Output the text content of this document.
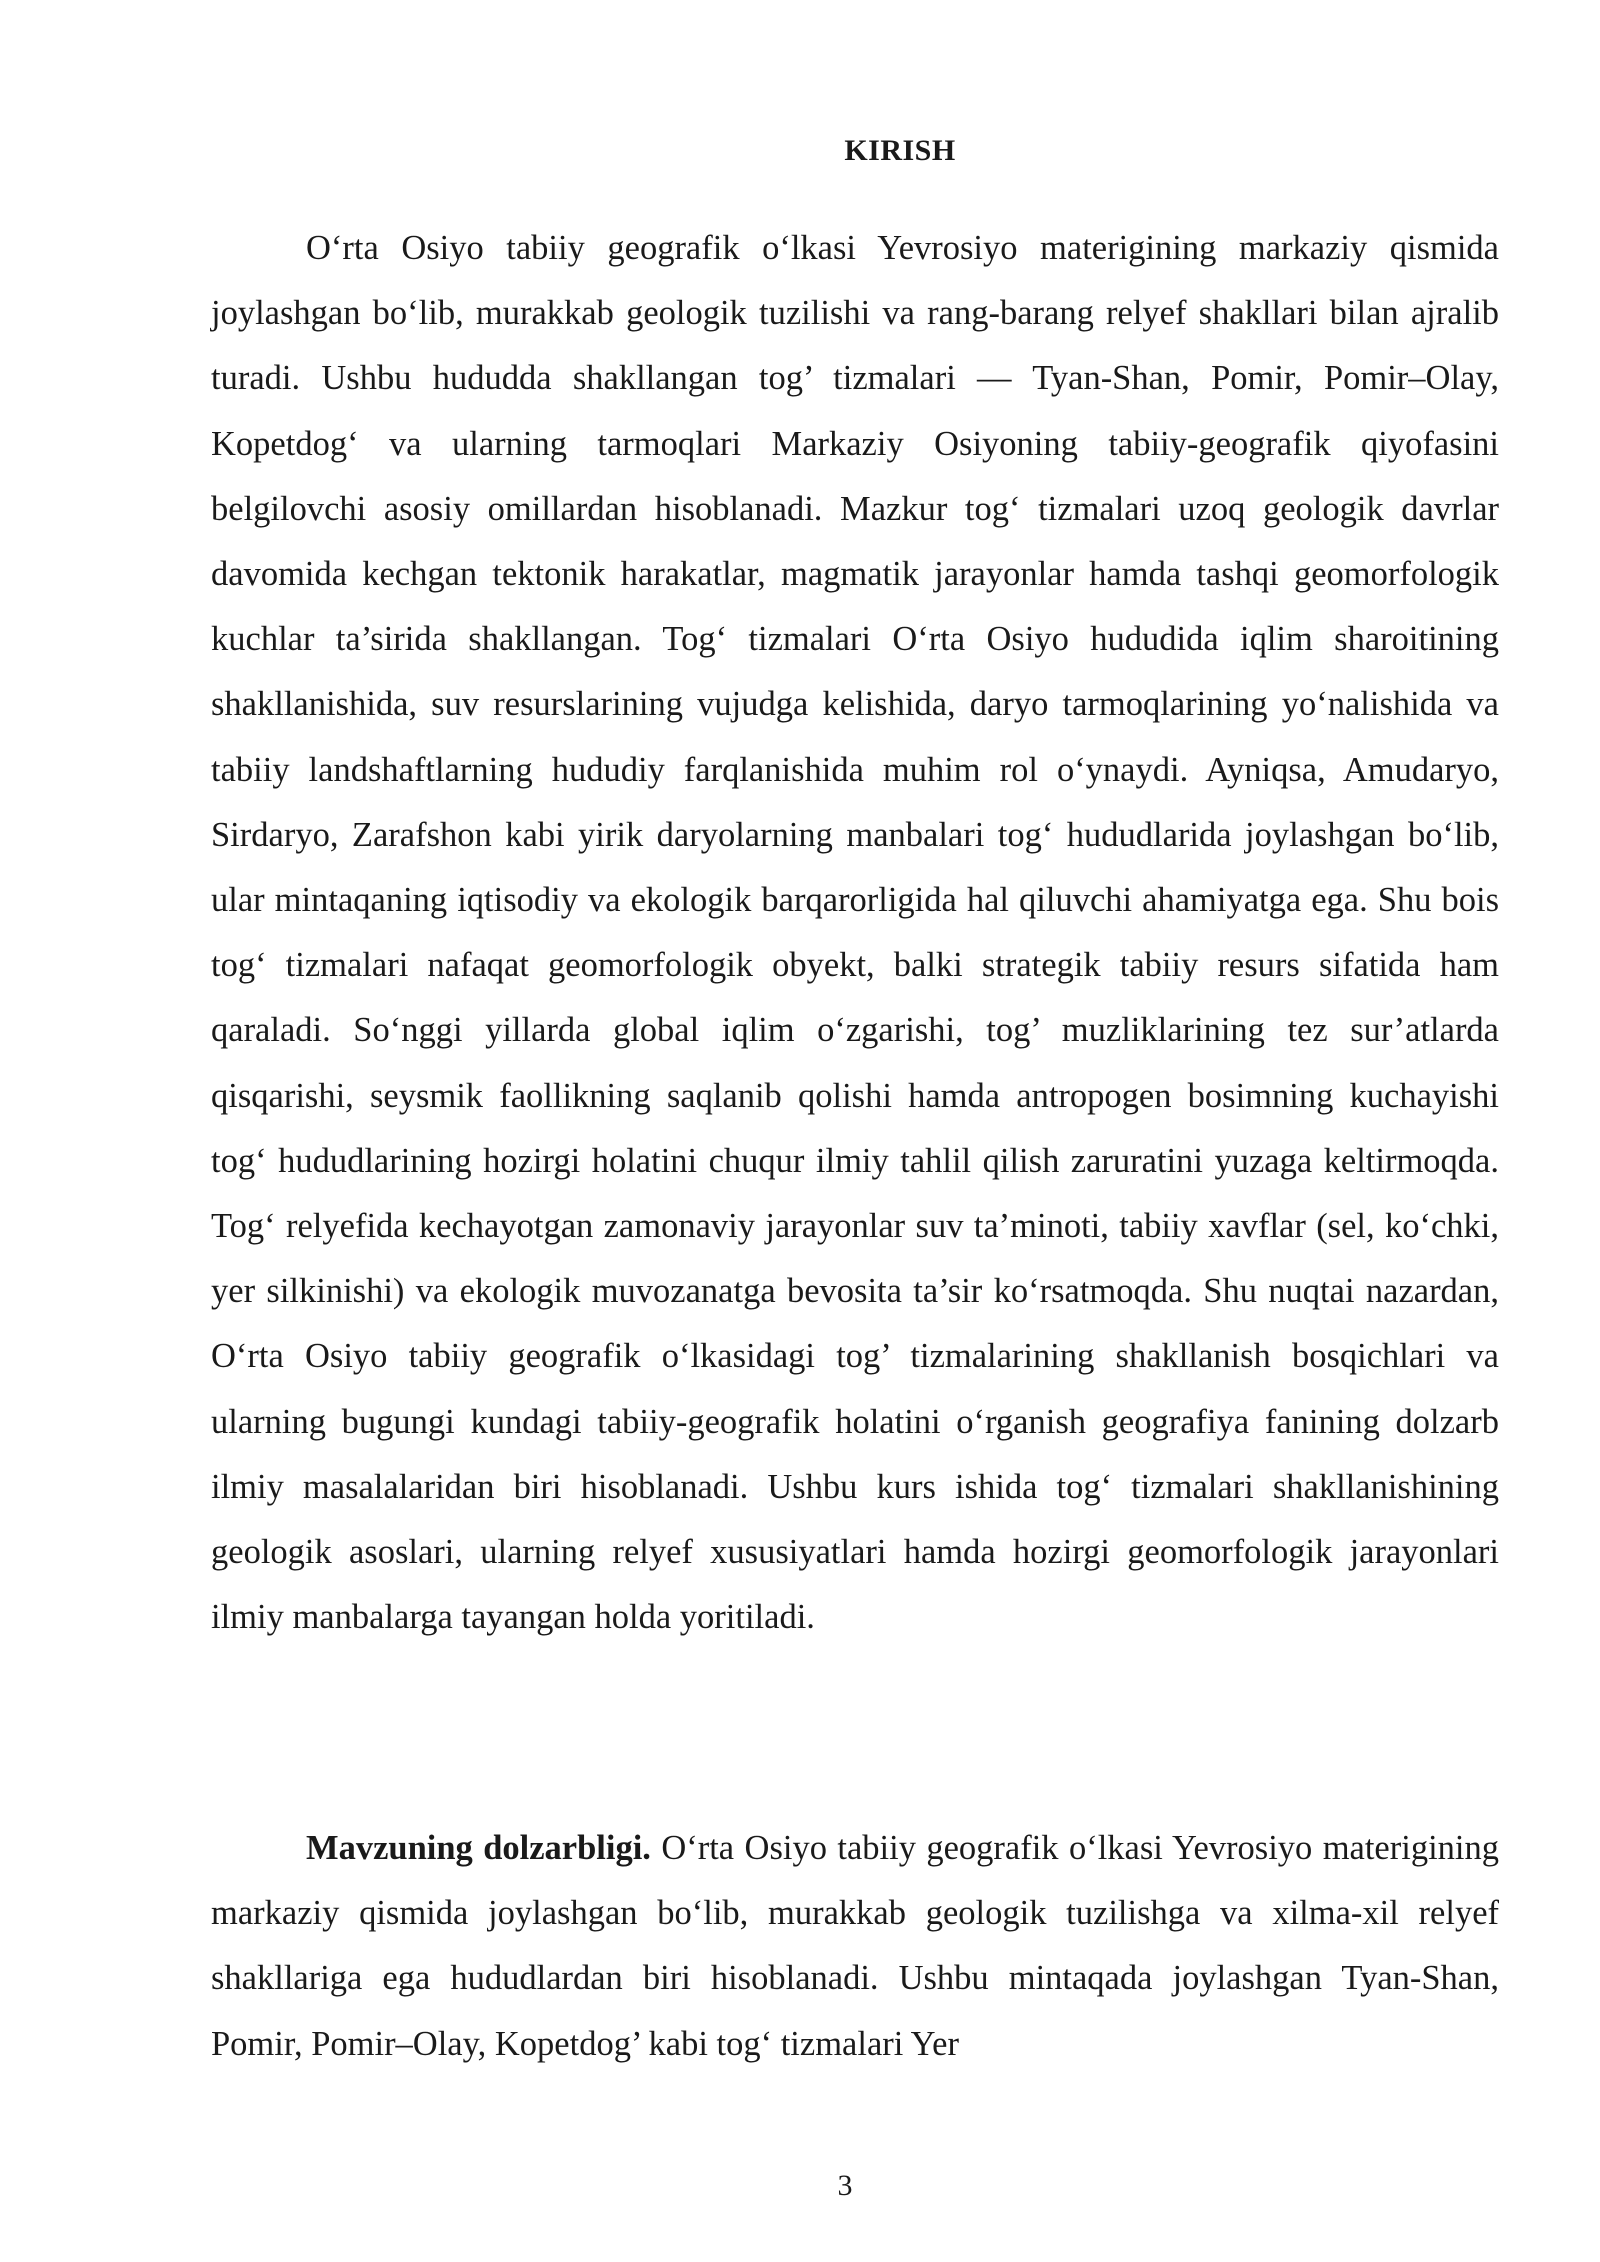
KIRISH

O‘rta Osiyo tabiiy geografik o‘lkasi Yevrosiyo materigining markaziy qismida joylashgan bo‘lib, murakkab geologik tuzilishi va rang-barang relyef shakllari bilan ajralib turadi. Ushbu hududda shakllangan tog’ tizmalari — Tyan-Shan, Pomir, Pomir–Olay, Kopetdog‘ va ularning tarmoqlari Markaziy Osiyoning tabiiy-geografik qiyofasini belgilovchi asosiy omillardan hisoblanadi. Mazkur tog‘ tizmalari uzoq geologik davrlar davomida kechgan tektonik harakatlar, magmatik jarayonlar hamda tashqi geomorfologik kuchlar ta’sirida shakllangan. Tog‘ tizmalari O‘rta Osiyo hududida iqlim sharoitining shakllanishida, suv resurslarining vujudga kelishida, daryo tarmoqlarining yo‘nalishida va tabiiy landshaftlarning hududiy farqlanishida muhim rol o‘ynaydi. Ayniqsa, Amudaryo, Sirdaryo, Zarafshon kabi yirik daryolarning manbalari tog‘ hududlarida joylashgan bo‘lib, ular mintaqaning iqtisodiy va ekologik barqarorligida hal qiluvchi ahamiyatga ega. Shu bois tog‘ tizmalari nafaqat geomorfologik obyekt, balki strategik tabiiy resurs sifatida ham qaraladi. So‘nggi yillarda global iqlim o‘zgarishi, tog’ muzliklarining tez sur’atlarda qisqarishi, seysmik faollikning saqlanib qolishi hamda antropogen bosimning kuchayishi tog‘ hududlarining hozirgi holatini chuqur ilmiy tahlil qilish zaruratini yuzaga keltirmoqda. Tog‘ relyefida kechayotgan zamonaviy jarayonlar suv ta’minoti, tabiiy xavflar (sel, ko‘chki, yer silkinishi) va ekologik muvozanatga bevosita ta’sir ko‘rsatmoqda. Shu nuqtai nazardan, O‘rta Osiyo tabiiy geografik o‘lkasidagi tog’ tizmalarining shakllanish bosqichlari va ularning bugungi kundagi tabiiy-geografik holatini o‘rganish geografiya fanining dolzarb ilmiy masalalaridan biri hisoblanadi. Ushbu kurs ishida tog‘ tizmalari shakllanishining geologik asoslari, ularning relyef xususiyatlari hamda hozirgi geomorfologik jarayonlari ilmiy manbalarga tayangan holda yoritiladi.

Mavzuning dolzarbligi. O‘rta Osiyo tabiiy geografik o‘lkasi Yevrosiyo materigining markaziy qismida joylashgan bo‘lib, murakkab geologik tuzilishga va xilma-xil relyef shakllariga ega hududlardan biri hisoblanadi. Ushbu mintaqada joylashgan Tyan-Shan, Pomir, Pomir–Olay, Kopetdog’ kabi tog‘ tizmalari Yer

3
